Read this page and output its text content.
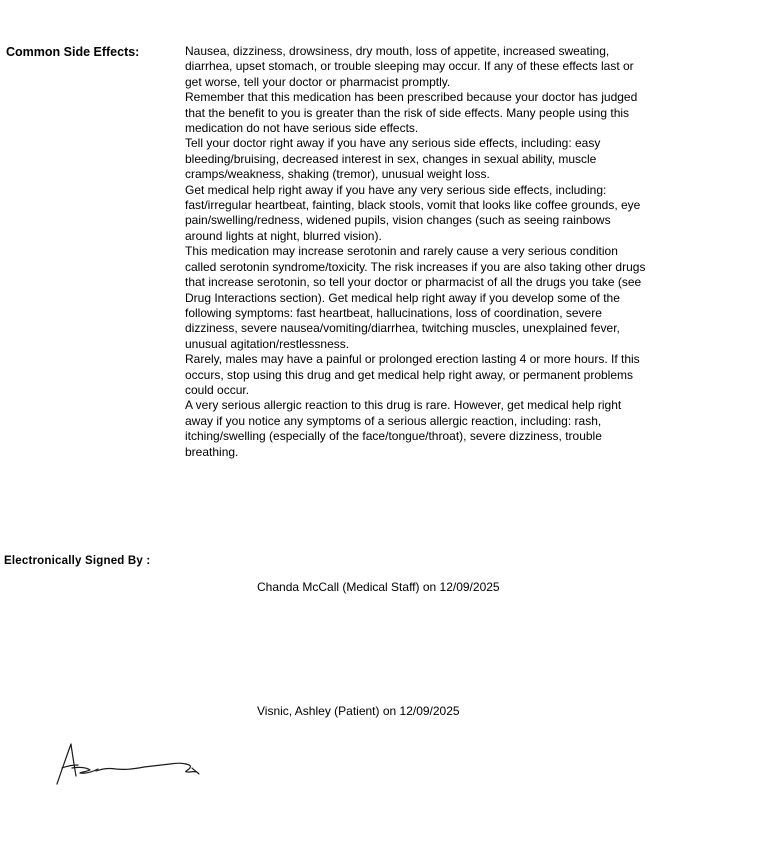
Common Side Effects:	Nausea, dizziness, drowsiness, dry mouth, loss of appetite, increased sweating, diarrhea, upset stomach, or trouble sleeping may occur. If any of these effects last or get worse, tell your doctor or pharmacist promptly.

Remember that this medication has been prescribed because your doctor has judged that the benefit to you is greater than the risk of side effects. Many people using this medication do not have serious side effects.

Tell your doctor right away if you have any serious side effects, including: easy bleeding/bruising, decreased interest in sex, changes in sexual ability, muscle cramps/weakness, shaking (tremor), unusual weight loss.

Get medical help right away if you have any very serious side effects, including: fast/irregular heartbeat, fainting, black stools, vomit that looks like coffee grounds, eye pain/swelling/redness, widened pupils, vision changes (such as seeing rainbows around lights at night, blurred vision).

This medication may increase serotonin and rarely cause a very serious condition called serotonin syndrome/toxicity. The risk increases if you are also taking other drugs that increase serotonin, so tell your doctor or pharmacist of all the drugs you take (see Drug Interactions section). Get medical help right away if you develop some of the following symptoms: fast heartbeat, hallucinations, loss of coordination, severe dizziness, severe nausea/vomiting/diarrhea, twitching muscles, unexplained fever, unusual agitation/restlessness.

Rarely, males may have a painful or prolonged erection lasting 4 or more hours. If this occurs, stop using this drug and get medical help right away, or permanent problems could occur.

A very serious allergic reaction to this drug is rare. However, get medical help right away if you notice any symptoms of a serious allergic reaction, including: rash, itching/swelling (especially of the face/tongue/throat), severe dizziness, trouble breathing.

Electronically Signed By :
Chanda McCall (Medical Staff) on 12/09/2025
Visnic, Ashley (Patient) on 12/09/2025
